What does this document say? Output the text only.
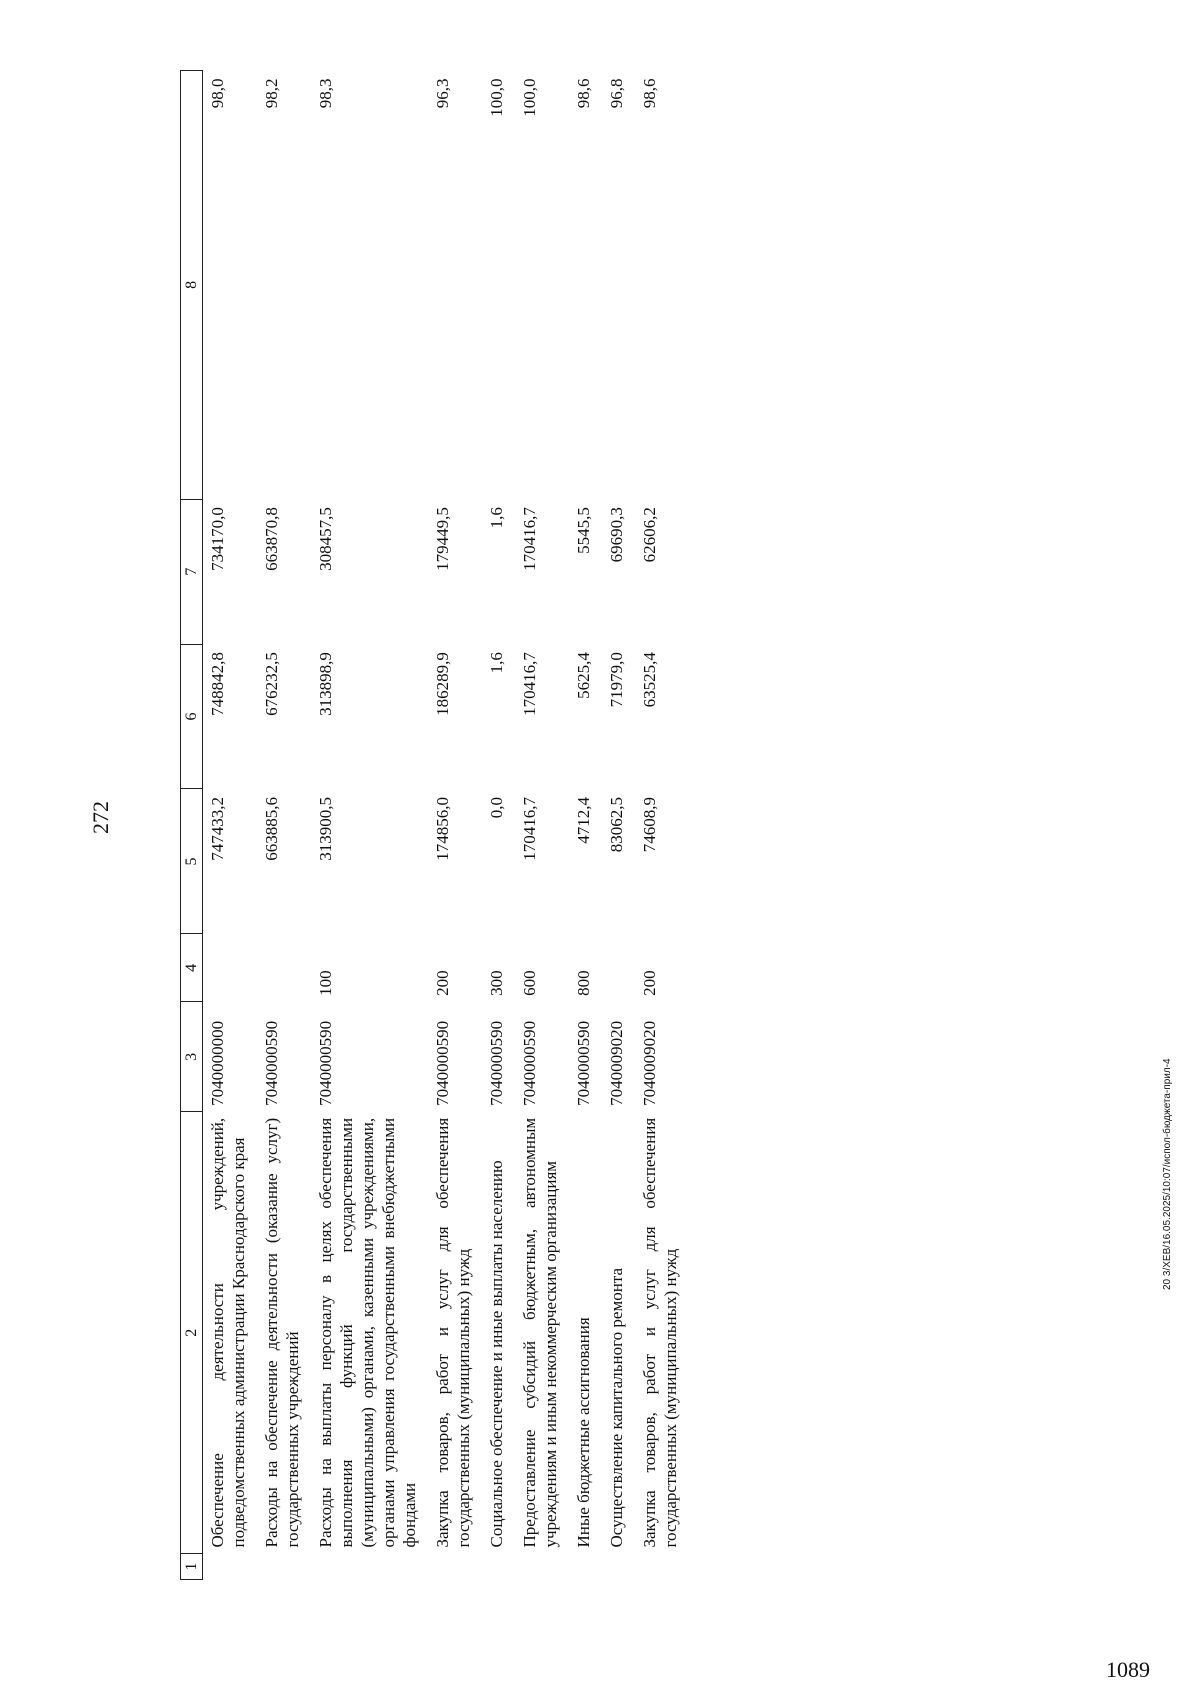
272
1	2	3	4	5	6	7	8
	Обеспечение деятельности учреждений, подведомственных администрации Краснодарского края	7040000000		747433,2	748842,8	734170,0	98,0
	Расходы на обеспечение деятельности (оказание услуг) государственных учреждений	7040000590		663885,6	676232,5	663870,8	98,2
	Расходы на выплаты персоналу в целях обеспечения выполнения функций государственными (муниципальными) органами, казенными учреждениями, органами управления государственными внебюджетными фондами	7040000590	100	313900,5	313898,9	308457,5	98,3
	Закупка товаров, работ и услуг для обеспечения государственных (муниципальных) нужд	7040000590	200	174856,0	186289,9	179449,5	96,3
	Социальное обеспечение и иные выплаты населению	7040000590	300	0,0	1,6	1,6	100,0
	Предоставление субсидий бюджетным, автономным учреждениям и иным некоммерческим организациям	7040000590	600	170416,7	170416,7	170416,7	100,0
	Иные бюджетные ассигнования	7040000590	800	4712,4	5625,4	5545,5	98,6
	Осуществление капитального ремонта	7040009020		83062,5	71979,0	69690,3	96,8
	Закупка товаров, работ и услуг для обеспечения государственных (муниципальных) нужд	7040009020	200	74608,9	63525,4	62606,2	98,6
20 3/XEB/16.05.2025/10:07/испол-бюджета-прил-4
1089
